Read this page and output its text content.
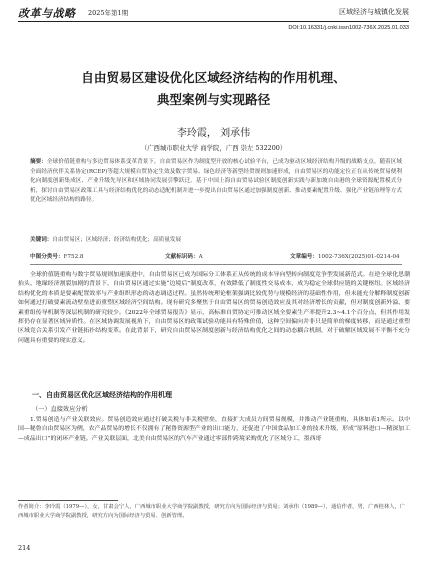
改革与战略 2025年第1期	区域经济与城镇化发展
DOI:10.16331/j.cnki.issn1002-736X.2025.01.033
自由贸易区建设优化区域经济结构的作用机理、
典型案例与实现路径
李玲霞， 刘承伟
（广西城市职业大学 商学院，广西 崇左 532200）
摘要：全球价值链重构与多边贸易体系变革背景下，自由贸易区作为制度型开放的核心试验平台，已成为驱动区域经济结构升级的战略支点。随着区域全面经济伙伴关系协定(RCEP)等超大规模自贸协定生效及数字贸易、绿色经济等新型经贸规则加速形成，自由贸易区的功能定位正在从传统贸易便利化向制度创新集成区、产业升级先导区和区域协同发展引擎跃迁。基于中国上海自由贸易试验区制度创新实践与新加坡自由港的全球资源配置模式分析，探讨自由贸易区政策工具与经济结构优化的动态适配机制并进一步提出自由贸易区通过加强制度创新、推动要素配置升级、强化产业链治理等方式优化区域经济结构的路径。
关键词：自由贸易区；区域经济；经济结构优化；高质量发展
中图分类号：F752.8	文献标识码：A	文章编号：1002-736X(2025)01-0214-04
全球价值链重构与数字贸易规则加速演进中，自由贸易区已成为国际分工体系正从传统的成本导向型转向制度竞争型发展新范式。在逆全球化思潮抬头、地缘经济割裂加剧的背景下，自由贸易区通过实施“边境后”制度改革，有效降低了制度性交易成本，成为稳定全球供应链的关键枢纽。区域经济结构优化的本质是要素配置效率与产业组织形态的动态调适过程。虽然传统理论框架强调比较优势与规模经济的基础性作用，但未能充分解释制度创新如何通过打破要素流动壁垒进而重塑区域经济空间结构。现有研究多聚焦于自由贸易区的贸易创造效应及其对经济增长的贡献，但对制度创新外溢、要素重组传导机制等深层机制的研究较少。《2022年全球贸易报告》显示，高标准自贸协定可推动区域全要素生产率提升2.3~4.1个百分点，但其作用发挥仍存在显著区域异质性。在区域协调发展视角下，自由贸易区的政策试验功能具有特殊价值，这种空间偏向并非只是简单的梯度转移，而是通过重塑区域竞合关系引发产业链拓扑结构变革。在此背景下，研究自由贸易区制度创新与经济结构优化之间的动态耦合机制，对于破解区域发展不平衡不充分问题具有重要的现实意义。
一、自由贸易区优化区域经济结构的作用机理
（一）直接效应分析
1.贸易创造与产业关联效应。贸易创造效应通过打破关税与非关税壁垒，直接扩大成员方间贸易规模，并推动产业链重构，具体如表1所示。以中国—秘鲁自由贸易区为例，农产品贸易的增长不仅拥有了秘鲁资源型产业的出口能力，还促进了中国食品加工业的技术升级，形成“原料进口—精深加工—成品出口”的闭环产业链。产业关联层面，北美自由贸易区的汽车产业通过零部件跨境采购优化了区域分工，墨西哥
作者简介：李玲霞（1979—），女，甘肃会宁人，广西城市职业大学商学院副教授，研究方向为国际经济与贸易；刘承伟（1989—），通信作者，男，广西桂林人，广西城市职业大学商学院副教授，研究方向为国际经济与贸易、创新管理。
214
